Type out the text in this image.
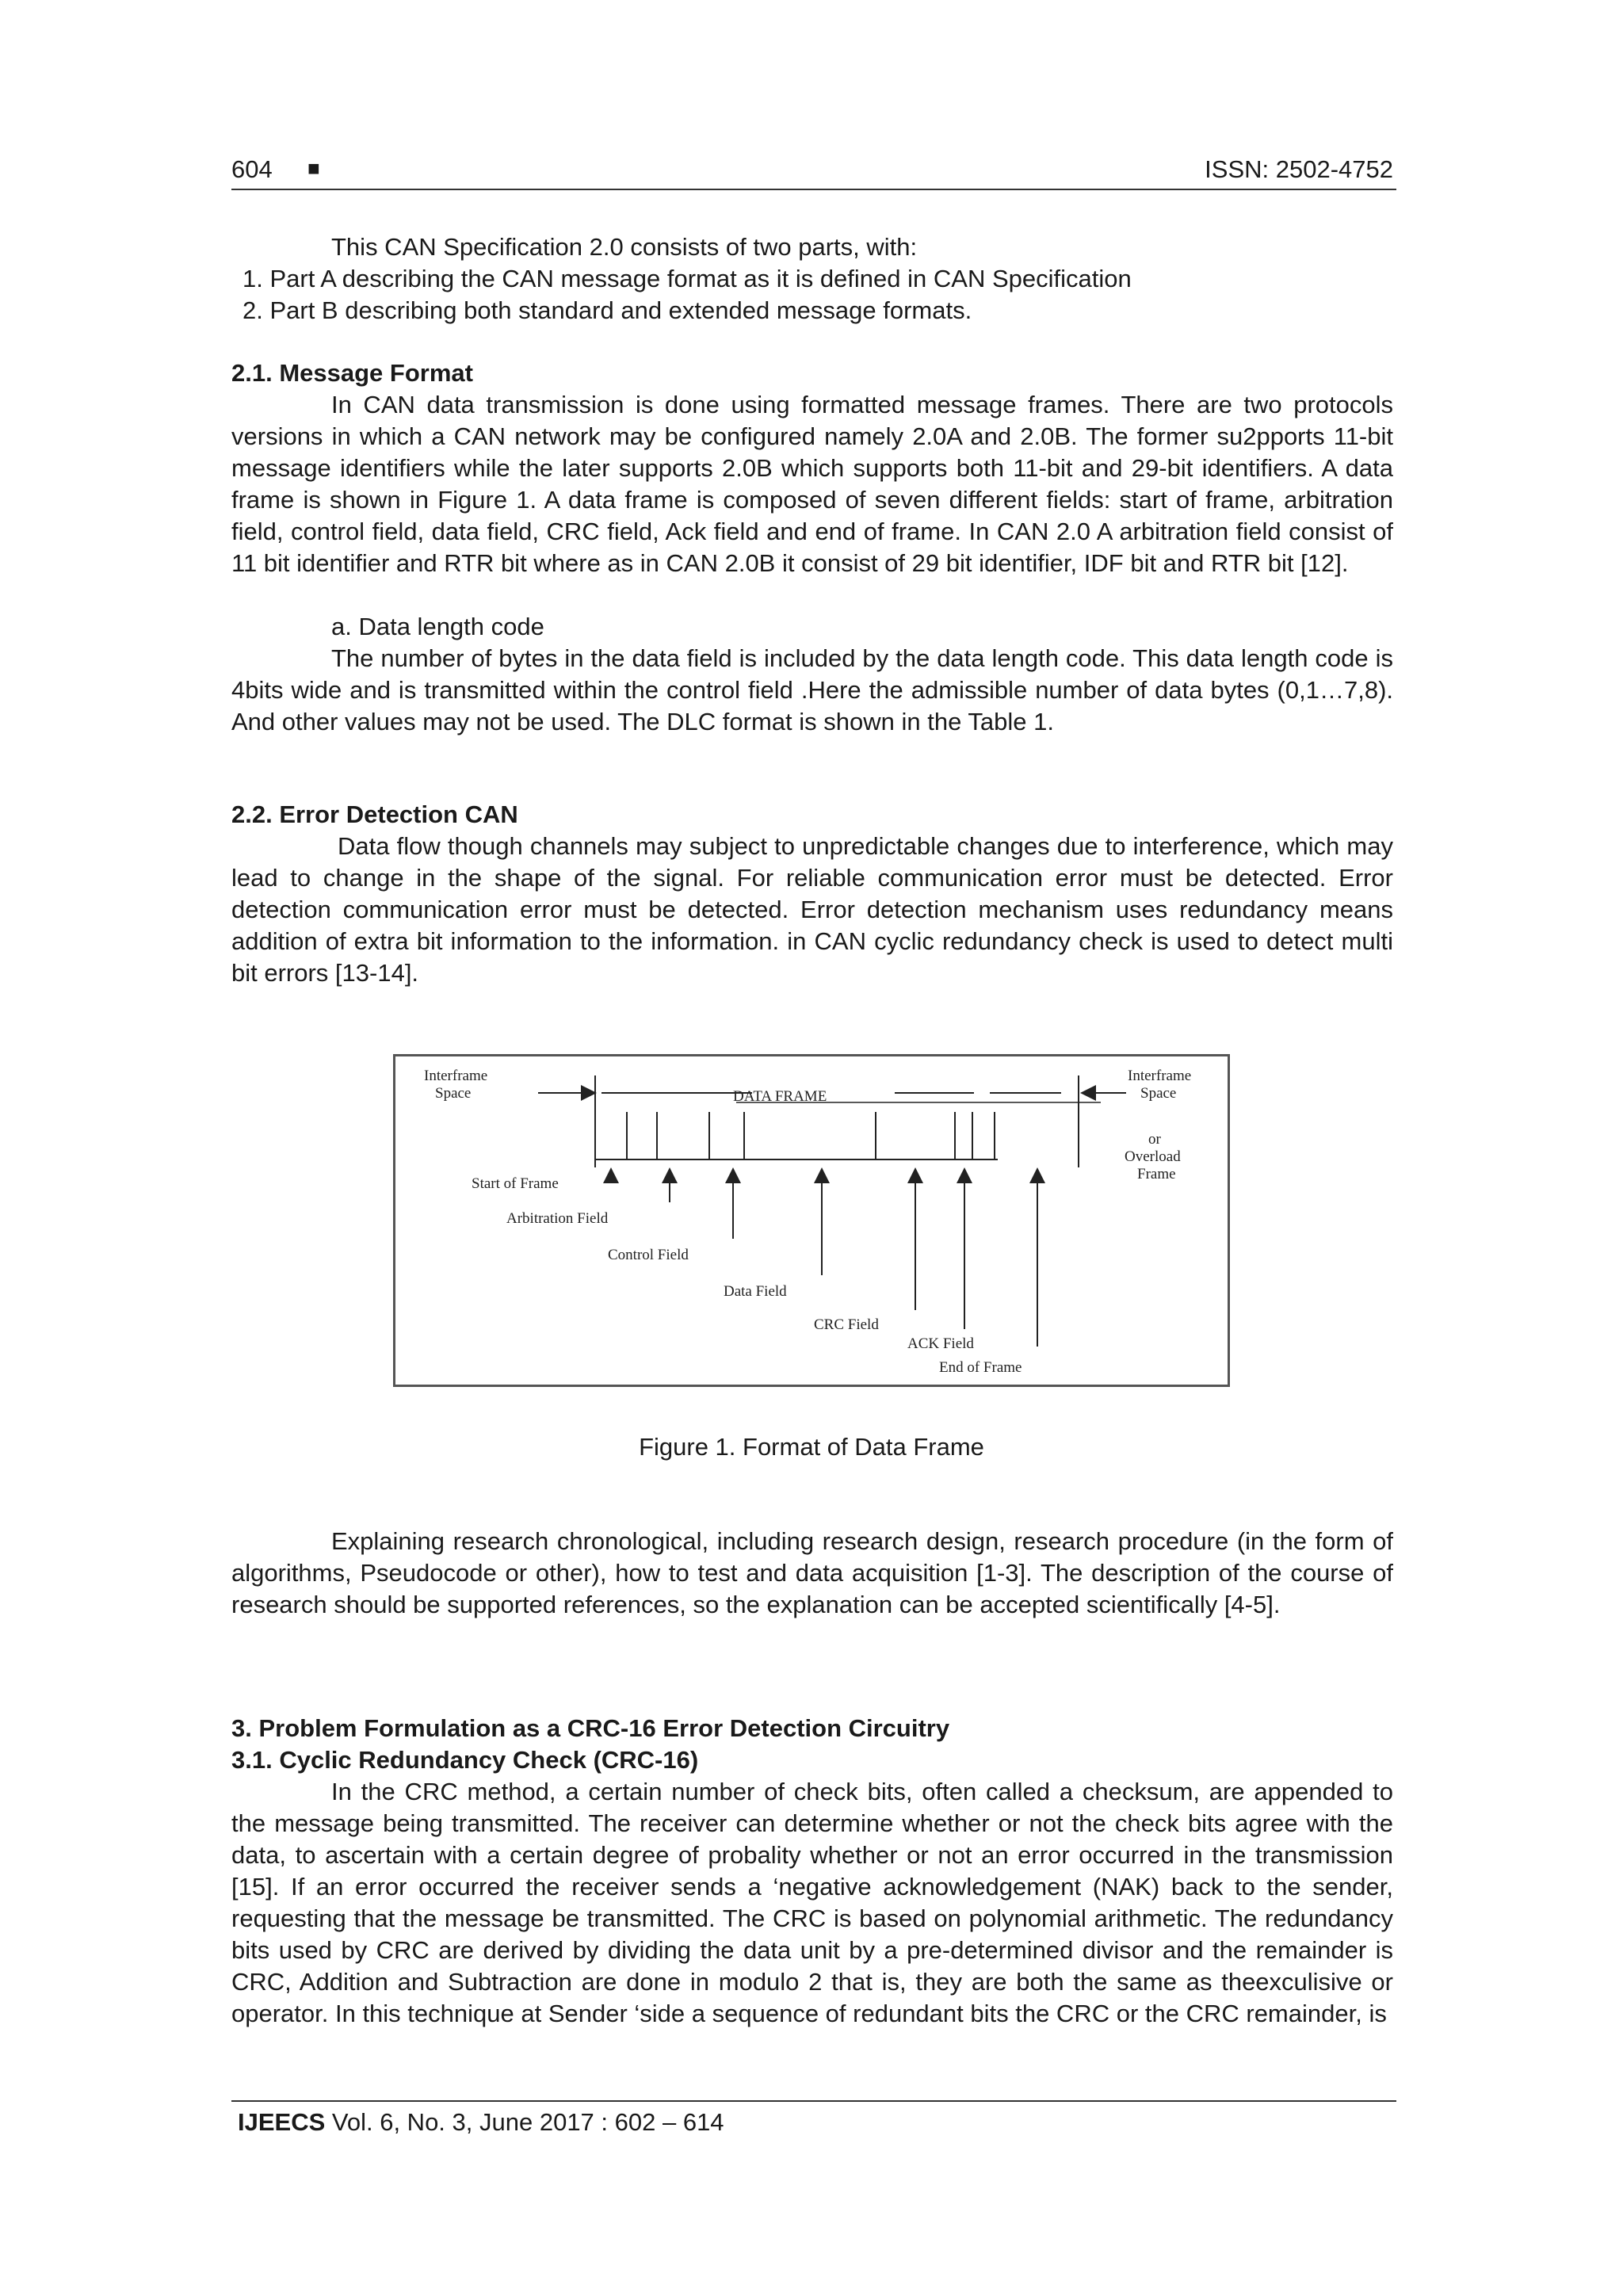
604 ■	ISSN: 2502-4752

This CAN Specification 2.0 consists of two parts, with:

1. Part A describing the CAN message format as it is defined in CAN Specification

2. Part B describing both standard and extended message formats.

2.1. Message Format

In CAN data transmission is done using formatted message frames. There are two protocols versions in which a CAN network may be configured namely 2.0A and 2.0B. The former su2pports 11-bit message identifiers while the later supports 2.0B which supports both 11-bit and 29-bit identifiers. A data frame is shown in Figure 1. A data frame is composed of seven different fields: start of frame, arbitration field, control field, data field, CRC field, Ack field and end of frame. In CAN 2.0 A arbitration field consist of 11 bit identifier and RTR bit where as in CAN 2.0B it consist of 29 bit identifier, IDF bit and RTR bit [12].

a. Data length code

The number of bytes in the data field is included by the data length code. This data length code is 4bits wide and is transmitted within the control field .Here the admissible number of data bytes (0,1…7,8). And other values may not be used. The DLC format is shown in the Table 1.

2.2. Error Detection CAN

Data flow though channels may subject to unpredictable changes due to interference, which may lead to change in the shape of the signal. For reliable communication error must be detected. Error detection communication error must be detected. Error detection mechanism uses redundancy means addition of extra bit information to the information. in CAN cyclic redundancy check is used to detect multi bit errors [13-14].

Interframe
Space	DATA FRAME
Interframe
Space
or
Overload
Frame
Start of Frame
Arbitration Field
Control Field
Data Field
CRC Field
ACK Field
End of Frame

Figure 1. Format of Data Frame

Explaining research chronological, including research design, research procedure (in the form of algorithms, Pseudocode or other), how to test and data acquisition [1-3]. The description of the course of research should be supported references, so the explanation can be accepted scientifically [4-5].

3. Problem Formulation as a CRC-16 Error Detection Circuitry

3.1. Cyclic Redundancy Check (CRC-16)

In the CRC method, a certain number of check bits, often called a checksum, are appended to the message being transmitted. The receiver can determine whether or not the check bits agree with the data, to ascertain with a certain degree of probality whether or not an error occurred in the transmission [15]. If an error occurred the receiver sends a ‘negative acknowledgement (NAK) back to the sender, requesting that the message be transmitted. The CRC is based on polynomial arithmetic. The redundancy bits used by CRC are derived by dividing the data unit by a pre-determined divisor and the remainder is CRC, Addition and Subtraction are done in modulo 2 that is, they are both the same as theexculisive or operator. In this technique at Sender ‘side a sequence of redundant bits the CRC or the CRC remainder, is

IJEECS Vol. 6, No. 3, June 2017 : 602 – 614
